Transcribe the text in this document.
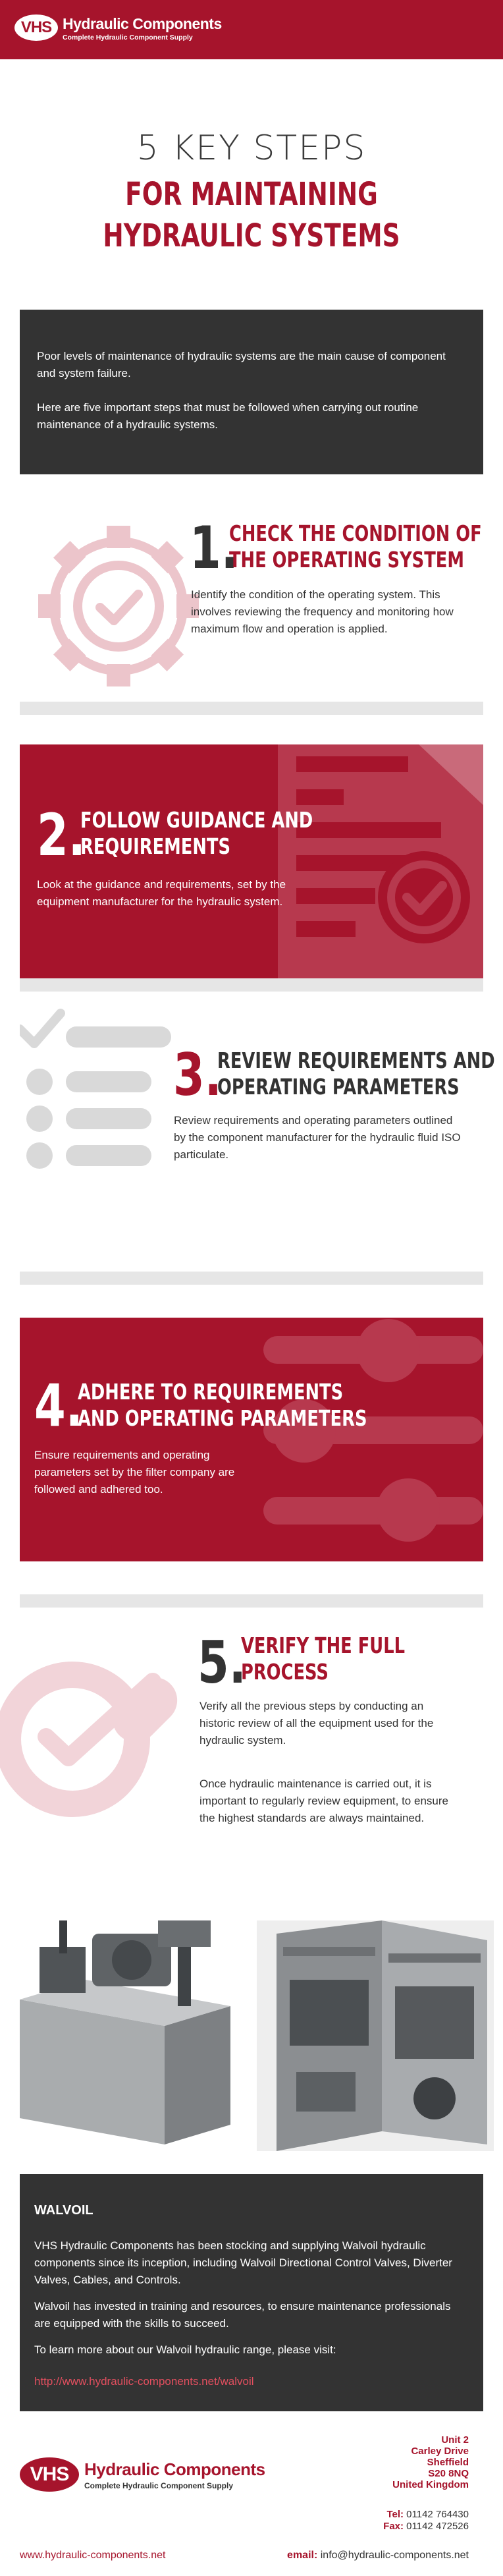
VHS Hydraulic Components
Complete Hydraulic Component Supply
5 KEY STEPS
FOR MAINTAINING
HYDRAULIC SYSTEMS

Poor levels of maintenance of hydraulic systems are the main cause of component and system failure.

Here are five important steps that must be followed when carrying out routine maintenance of a hydraulic systems.

1.
CHECK THE CONDITION OF
THE OPERATING SYSTEM
Identify the condition of the operating system. This involves reviewing the frequency and monitoring how maximum flow and operation is applied.
2.
FOLLOW GUIDANCE AND
REQUIREMENTS
Look at the guidance and requirements, set by the equipment manufacturer for the hydraulic system.
3.
REVIEW REQUIREMENTS AND
OPERATING PARAMETERS
Review requirements and operating parameters outlined by the component manufacturer for the hydraulic fluid ISO particulate.
4.
ADHERE TO REQUIREMENTS
AND OPERATING PARAMETERS
Ensure requirements and operating parameters set by the filter company are followed and adhered too.
5.
VERIFY THE FULL
PROCESS
Verify all the previous steps by conducting an historic review of all the equipment used for the hydraulic system.
Once hydraulic maintenance is carried out, it is important to regularly review equipment, to ensure the highest standards are always maintained.
WALVOIL

VHS Hydraulic Components has been stocking and supplying Walvoil hydraulic components since its inception, including Walvoil Directional Control Valves, Diverter Valves, Cables, and Controls.

Walvoil has invested in training and resources, to ensure maintenance professionals are equipped with the skills to succeed.

To learn more about our Walvoil hydraulic range, please visit:

http://www.hydraulic-components.net/walvoil

VHS Hydraulic Components
Complete Hydraulic Component Supply
Unit 2
Carley Drive
Sheffield
S20 8NQ
United Kingdom
Tel: 01142 764430
Fax: 01142 472526
www.hydraulic-components.net	email: info@hydraulic-components.net
